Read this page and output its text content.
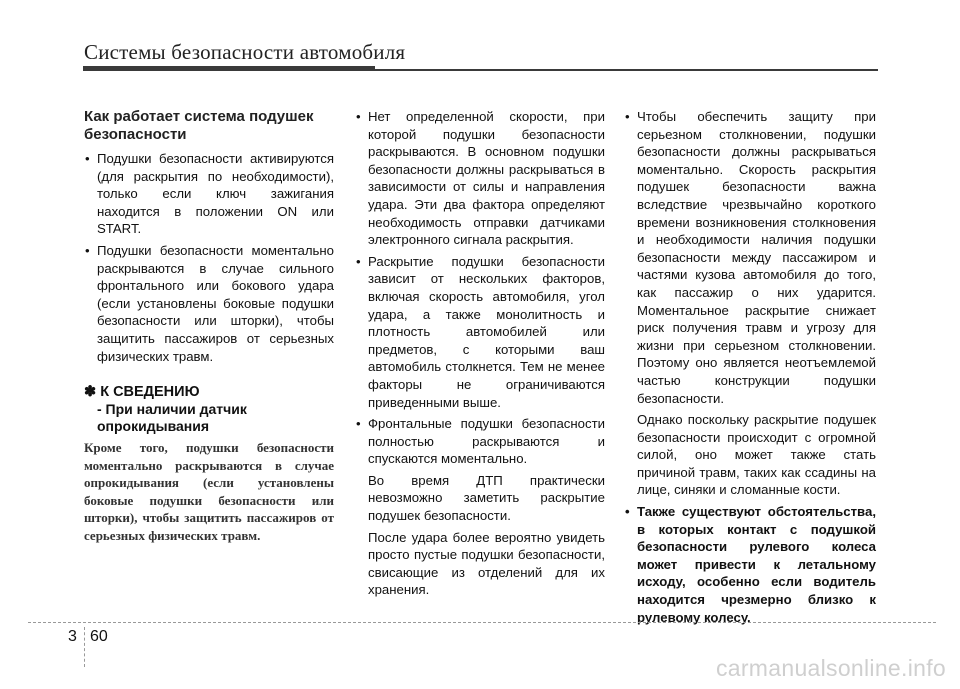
Системы безопасности автомобиля
Как работает система подушек безопасности
• Подушки безопасности активируются (для раскрытия по необходимости), только если ключ зажигания находится в положении ON или START.
• Подушки безопасности моментально раскрываются в случае сильного фронтального или бокового удара (если установлены боковые подушки безопасности или шторки), чтобы защитить пассажиров от серьезных физических травм.
✽ К СВЕДЕНИЮ
- При наличии датчик опрокидывания
Кроме того, подушки безопасности моментально раскрываются в случае опрокидывания (если установлены боковые подушки безопасности или шторки), чтобы защитить пассажиров от серьезных физических травм.
• Нет определенной скорости, при которой подушки безопасности раскрываются. В основном подушки безопасности должны раскрываться в зависимости от силы и направления удара. Эти два фактора определяют необходимость отправки датчиками электронного сигнала раскрытия.
• Раскрытие подушки безопасности зависит от нескольких факторов, включая скорость автомобиля, угол удара, а также монолитность и плотность автомобилей или предметов, с которыми ваш автомобиль столкнется. Тем не менее факторы не ограничиваются приведенными выше.
• Фронтальные подушки безопасности полностью раскрываются и спускаются моментально.

Во время ДТП практически невозможно заметить раскрытие подушек безопасности.

После удара более вероятно увидеть просто пустые подушки безопасности, свисающие из отделений для их хранения.

• Чтобы обеспечить защиту при серьезном столкновении, подушки безопасности должны раскрываться моментально. Скорость раскрытия подушек безопасности важна вследствие чрезвычайно короткого времени возникновения столкновения и необходимости наличия подушки безопасности между пассажиром и частями кузова автомобиля до того, как пассажир о них ударится. Моментальное раскрытие снижает риск получения травм и угрозу для жизни при серьезном столкновении. Поэтому оно является неотъемлемой частью конструкции подушки безопасности.

Однако поскольку раскрытие подушек безопасности происходит с огромной силой, оно может также стать причиной травм, таких как ссадины на лице, синяки и сломанные кости.

• Также существуют обстоятельства, в которых контакт с подушкой безопасности рулевого колеса может привести к летальному исходу, особенно если водитель находится чрезмерно близко к рулевому колесу.
3 60
carmanualsonline.info
